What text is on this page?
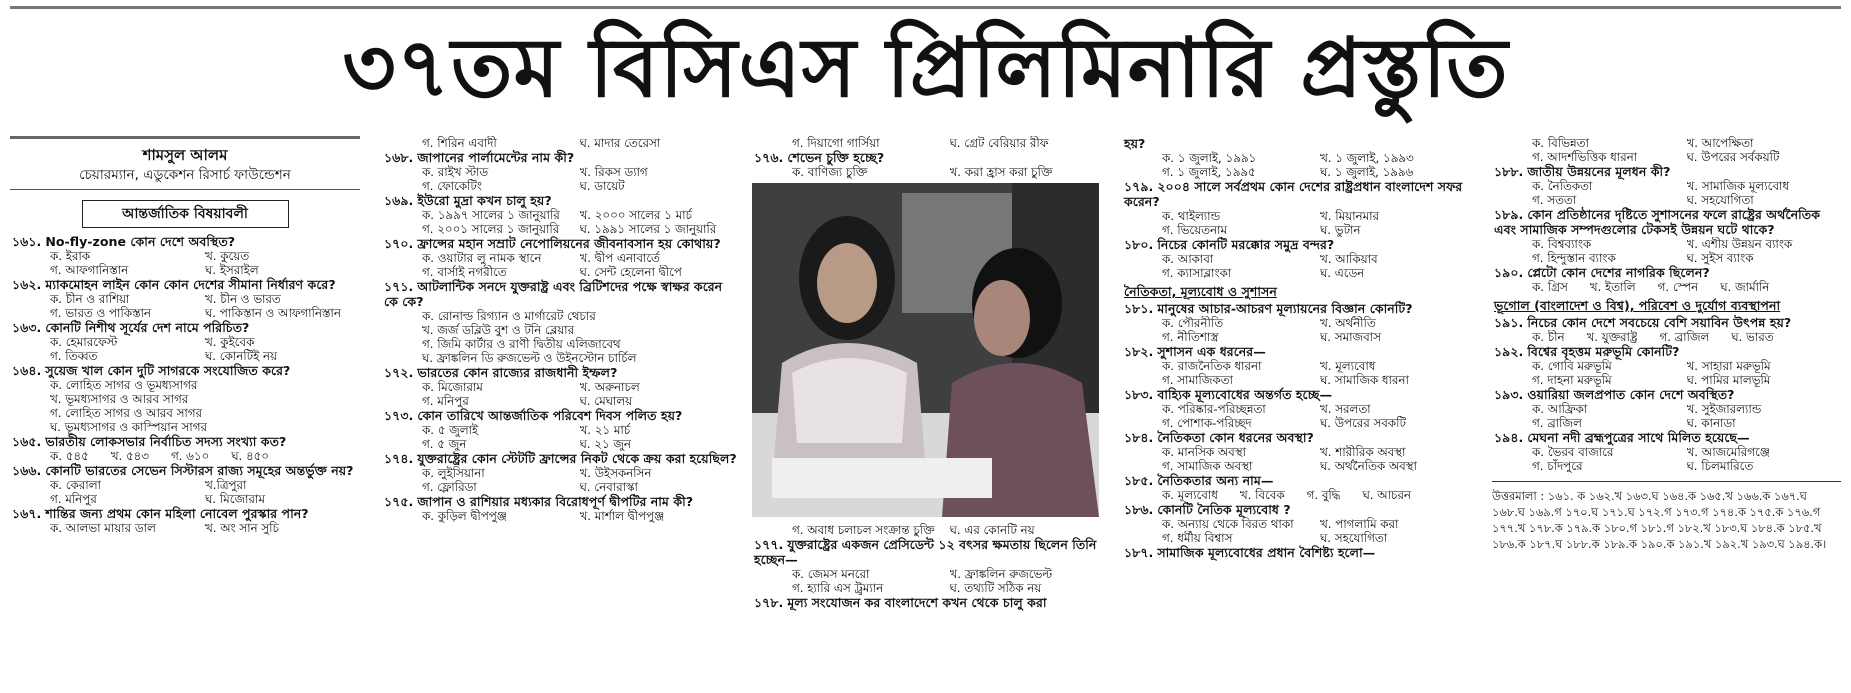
৩৭তম বিসিএস প্রিলিমিনারি প্রস্তুতি
শামসুল আলম
চেয়ারম্যান, এডুকেশন রিসার্চ ফাউন্ডেশন
আন্তর্জাতিক বিষয়াবলী
১৬১. No-fly-zone কোন দেশে অবস্থিত?
ক. ইরাক	খ. কুয়েত
গ. আফগানিস্তান	ঘ. ইসরাইল
১৬২. ম্যাকমোহন লাইন কোন কোন দেশের সীমানা নির্ধারণ করে?
ক. চীন ও রাশিয়া	খ. চীন ও ভারত
গ. ভারত ও পাকিস্তান	ঘ. পাকিস্তান ও আফগানিস্তান
১৬৩. কোনটি নিশীথ সূর্যের দেশ নামে পরিচিত?
ক. হেমারফেস্ট	খ. কুইবেক
গ. তিব্বত	ঘ. কোনটিই নয়
১৬৪. সুয়েজ খাল কোন দুটি সাগরকে সংযোজিত করে?
ক. লোহিত সাগর ও ভূমধ্যসাগর
খ. ভূমধ্যসাগর ও আরব সাগর
গ. লোহিত সাগর ও আরব সাগর
ঘ. ভূমধ্যসাগর ও কাস্পিয়ান সাগর
১৬৫. ভারতীয় লোকসভার নির্বাচিত সদস্য সংখ্যা কত?
ক. ৫৪৫ খ. ৫৪৩ গ. ৬১০ ঘ. ৪৫০
১৬৬. কোনটি ভারতের সেভেন সিস্টারস রাজ্য সমূহের অন্তর্ভুক্ত নয়?
ক. কেরালা	খ.ত্রিপুরা
গ. মনিপুর	ঘ. মিজোরাম
১৬৭. শান্তির জন্য প্রথম কোন মহিলা নোবেল পুরস্কার পান?
ক. আলভা মায়ার ডাল	খ. অং সান সুচি
গ. শিরিন এবাদী	ঘ. মাদার তেরেসা
১৬৮. জাপানের পার্লামেন্টের নাম কী?
ক. রাইখ স্টাড	খ. রিকস ড্যাগ
গ. ফোকেটিং	ঘ. ডায়েট
১৬৯. ইউরো মুদ্রা কখন চালু হয়?
ক. ১৯৯৭ সালের ১ জানুয়ারি	খ. ২০০০ সালের ১ মার্চ
গ. ২০০১ সালের ১ জানুয়ারি	ঘ. ১৯৯১ সালের ১ জানুয়ারি
১৭০. ফ্রান্সের মহান সম্রাট নেপোলিয়নের জীবনাবসান হয় কোথায়?
ক. ওয়াটার লু নামক স্থানে	খ. দ্বীপ এনাবার্তে
গ. বার্সাই নগরীতে	ঘ. সেন্ট হেলেনা দ্বীপে
১৭১. আটলান্টিক সনদে যুক্তরাষ্ট্র এবং ব্রিটিশদের পক্ষে স্বাক্ষর করেন কে কে?
ক. রোনাল্ড রিগ্যান ও মার্গারেট থেচার
খ. জর্জ ডব্লিউ বুশ ও টনি ব্লেয়ার
গ. জিমি কার্টার ও রাণী দ্বিতীয় এলিজাবেথ
ঘ. ফ্রাঙ্কলিন ডি রুজভেল্ট ও উইনস্টোন চার্চিল
১৭২. ভারতের কোন রাজ্যের রাজধানী ইম্ফল?
ক. মিজোরাম	খ. অরুনাচল
গ. মনিপুর	ঘ. মেঘালয়
১৭৩. কোন তারিখে আন্তর্জাতিক পরিবেশ দিবস পলিত হয়?
ক. ৫ জুলাই	খ. ২১ মার্চ
গ. ৫ জুন	ঘ. ২১ জুন
১৭৪. যুক্তরাষ্ট্রের কোন স্টেটটি ফ্রান্সের নিকট থেকে ক্রয় করা হয়েছিল?
ক. লুইসিয়ানা	খ. উইসকনসিন
গ. ফ্লোরিডা	ঘ. নেবারাস্কা
১৭৫. জাপান ও রাশিয়ার মধ্যকার বিরোধপূর্ণ দ্বীপটির নাম কী?
ক. কুড়িল দ্বীপপুঞ্জ	খ. মার্শাল দ্বীপপুঞ্জ
গ. দিয়াগো গার্সিয়া	ঘ. গ্রেট বেরিয়ার রীফ
১৭৬. শেভেন চুক্তি হচ্ছে?
ক. বাণিজ্য চুক্তি	খ. করা হ্রাস করা চুক্তি
গ. অবাধ চলাচল সংক্রান্ত চুক্তি	ঘ. এর কোনটি নয়
১৭৭. যুক্তরাষ্ট্রের একজন প্রেসিডেন্ট ১২ বৎসর ক্ষমতায় ছিলেন তিনি হচ্ছেন—
ক. জেমস মনরো	খ. ফ্রাঙ্কলিন রুজভেল্ট
গ. হ্যারি এস ট্রুম্যান	ঘ. তথ্যটি সঠিক নয়
১৭৮. মূল্য সংযোজন কর বাংলাদেশে কখন থেকে চালু করা
হয়?
ক. ১ জুলাই, ১৯৯১	খ. ১ জুলাই, ১৯৯৩
গ. ১ জুলাই, ১৯৯৫	ঘ. ১ জুলাই, ১৯৯৬
১৭৯. ২০০৪ সালে সর্বপ্রথম কোন দেশের রাষ্ট্রপ্রধান বাংলাদেশ সফর করেন?
ক. থাইল্যান্ড	খ. মিয়ানমার
গ. ভিয়েতনাম	ঘ. ভুটান
১৮০. নিচের কোনটি মরক্কোর সমুদ্র বন্দর?
ক. আকাবা	খ. আকিয়াব
গ. ক্যাসাব্লাংকা	ঘ. এডেন
নৈতিকতা, মূল্যবোধ ও সুশাসন
১৮১. মানুষের আচার-আচরণ মূল্যায়নের বিজ্ঞান কোনটি?
ক. পৌরনীতি	খ. অর্থনীতি
গ. নীতিশাস্ত্র	ঘ. সমাজবাস
১৮২. সুশাসন এক ধরনের—
ক. রাজনৈতিক ধারনা	খ. মূল্যবোধ
গ. সামাজিকতা	ঘ. সামাজিক ধারনা
১৮৩. বাহ্যিক মূল্যবোধের অন্তর্গত হচ্ছে—
ক. পরিষ্কার-পরিচ্ছন্নতা	খ. সরলতা
গ. পোশাক-পরিচ্ছদ	ঘ. উপরের সবকটি
১৮৪. নৈতিকতা কোন ধরনের অবস্থা?
ক. মানসিক অবস্থা	খ. শারীরিক অবস্থা
গ. সামাজিক অবস্থা	ঘ. অর্থনৈতিক অবস্থা
১৮৫. নৈতিকতার অন্য নাম—
ক. মূল্যবোধ খ. বিবেক গ. বুদ্ধি ঘ. আচরন
১৮৬. কোনটি নৈতিক মূল্যবোধ ?
ক. অন্যায় থেকে বিরত থাকা	খ. পাগলামি করা
গ. ধর্মীয় বিশ্বাস	ঘ. সহযোগিতা
১৮৭. সামাজিক মূল্যবোধের প্রধান বৈশিষ্ট্য হলো—
ক. বিভিন্নতা	খ. আপেক্ষিতা
গ. আদর্শভিত্তিক ধারনা	ঘ. উপরের সর্বকয়টি
১৮৮. জাতীয় উন্নয়নের মূলধন কী?
ক. নৈতিকতা	খ. সামাজিক মূল্যবোধ
গ. সততা	ঘ. সহযোগিতা
১৮৯. কোন প্রতিষ্ঠানের দৃষ্টিতে সুশাসনের ফলে রাষ্ট্রের অর্থনৈতিক এবং সামাজিক সম্পদগুলোর টেকসই উন্নয়ন ঘটে থাকে?
ক. বিশ্বব্যাংক	খ. এশীয় উন্নয়ন ব্যাংক
গ. হিন্দুস্তান ব্যাংক	ঘ. সুইস ব্যাংক
১৯০. প্লেটো কোন দেশের নাগরিক ছিলেন?
ক. গ্রিস খ. ইতালি গ. স্পেন ঘ. জার্মানি
ভূগোল (বাংলাদেশ ও বিশ্ব), পরিবেশ ও দুর্যোগ ব্যবস্থাপনা
১৯১. নিচের কোন দেশে সবচেয়ে বেশি সয়াবিন উৎপন্ন হয়?
ক. চীন খ. যুক্তরাষ্ট্র গ. ব্রাজিল ঘ. ভারত
১৯২. বিশ্বের বৃহত্তম মরুভূমি কোনটি?
ক. গোবি মরুভূমি	খ. সাহারা মরুভূমি
গ. দাহনা মরুভূমি	ঘ. পামির মালভূমি
১৯৩. ওয়ারিয়া জলপ্রপাত কোন দেশে অবস্থিত?
ক. আফ্রিকা	খ. সুইজারল্যান্ড
গ. ব্রাজিল	ঘ. কানাডা
১৯৪. মেঘনা নদী ব্রহ্মপুত্রের সাথে মিলিত হয়েছে—
ক. ভৈরব বাজারে	খ. আজমেরিগঞ্জে
গ. চাঁদপুরে	ঘ. চিলমারিতে
উত্তরমালা : ১৬১. ক ১৬২.খ ১৬৩.ঘ ১৬৪.ক ১৬৫.খ ১৬৬.ক ১৬৭.ঘ ১৬৮.ঘ ১৬৯.গ ১৭০.ঘ ১৭১.ঘ ১৭২.গ ১৭৩.গ ১৭৪.ক ১৭৫.ক ১৭৬.গ ১৭৭.খ ১৭৮.ক ১৭৯.ক ১৮০.গ ১৮১.গ ১৮২.খ ১৮৩.ঘ ১৮৪.ক ১৮৫.খ ১৮৬.ক ১৮৭.ঘ ১৮৮.ক ১৮৯.ক ১৯০.ক ১৯১.খ ১৯২.খ ১৯৩.ঘ ১৯৪.ক।
